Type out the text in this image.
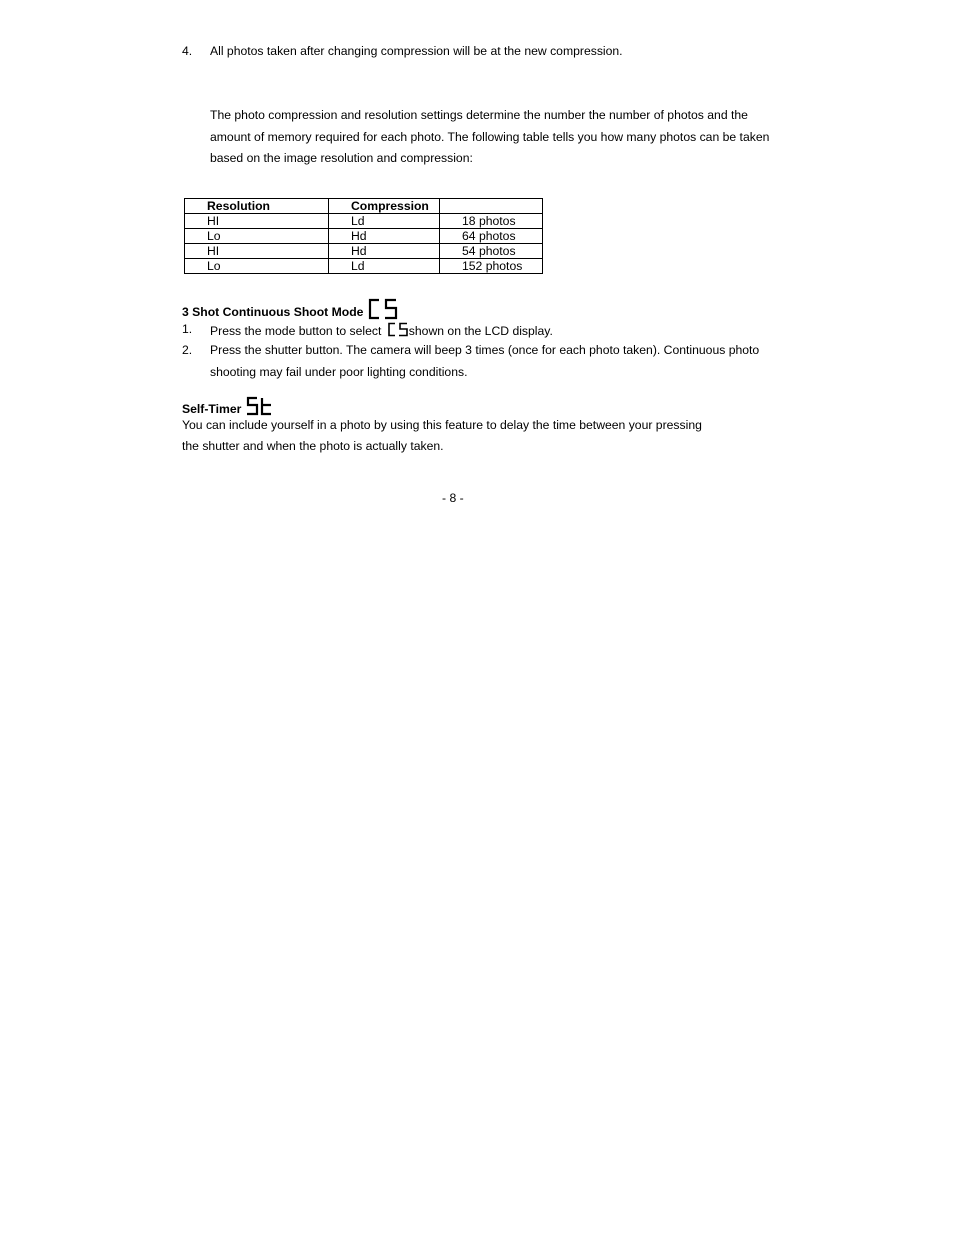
4. All photos taken after changing compression will be at the new compression.
The photo compression and resolution settings determine the number the number of photos and the
amount of memory required for each photo. The following table tells you how many photos can be taken
based on the image resolution and compression:
Resolution	Compression	
HI	Ld	18 photos
Lo	Hd	64 photos
HI	Hd	54 photos
Lo	Ld	152 photos
3 Shot Continuous Shoot Mode
1. Press the mode button to select shown on the LCD display.
2. Press the shutter button. The camera will beep 3 times (once for each photo taken). Continuous photo
shooting may fail under poor lighting conditions.
Self-Timer
You can include yourself in a photo by using this feature to delay the time between your pressing
the shutter and when the photo is actually taken.
- 8 -
